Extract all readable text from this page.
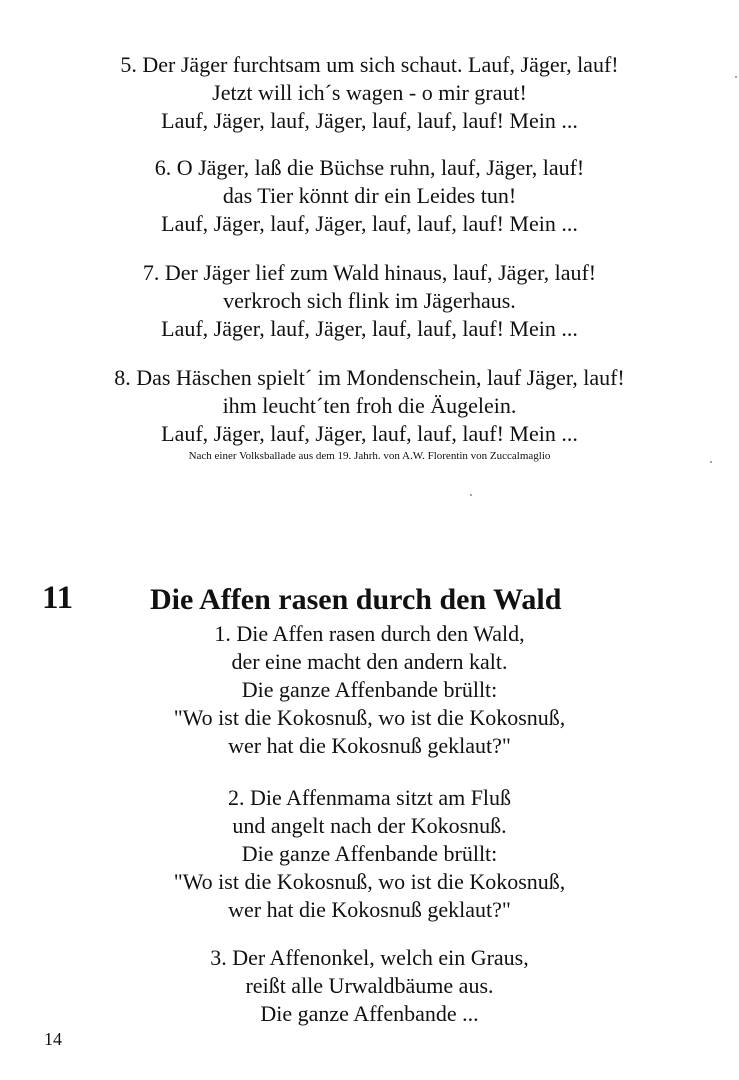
5. Der Jäger furchtsam um sich schaut. Lauf, Jäger, lauf!
Jetzt will ich´s wagen - o mir graut!
Lauf, Jäger, lauf, Jäger, lauf, lauf, lauf! Mein ...
6. O Jäger, laß die Büchse ruhn, lauf, Jäger, lauf!
das Tier könnt dir ein Leides tun!
Lauf, Jäger, lauf, Jäger, lauf, lauf, lauf! Mein ...
7. Der Jäger lief zum Wald hinaus, lauf, Jäger, lauf!
verkroch sich flink im Jägerhaus.
Lauf, Jäger, lauf, Jäger, lauf, lauf, lauf! Mein ...
8. Das Häschen spielt´ im Mondenschein, lauf Jäger, lauf!
ihm leucht´ten froh die Äugelein.
Lauf, Jäger, lauf, Jäger, lauf, lauf, lauf! Mein ...
Nach einer Volksballade aus dem 19. Jahrh. von A.W. Florentin von Zuccalmaglio
11	Die Affen rasen durch den Wald
1. Die Affen rasen durch den Wald,
der eine macht den andern kalt.
Die ganze Affenbande brüllt:
"Wo ist die Kokosnuß, wo ist die Kokosnuß,
wer hat die Kokosnuß geklaut?"
2. Die Affenmama sitzt am Fluß
und angelt nach der Kokosnuß.
Die ganze Affenbande brüllt:
"Wo ist die Kokosnuß, wo ist die Kokosnuß,
wer hat die Kokosnuß geklaut?"
3. Der Affenonkel, welch ein Graus,
reißt alle Urwaldbäume aus.
Die ganze Affenbande ...
14
